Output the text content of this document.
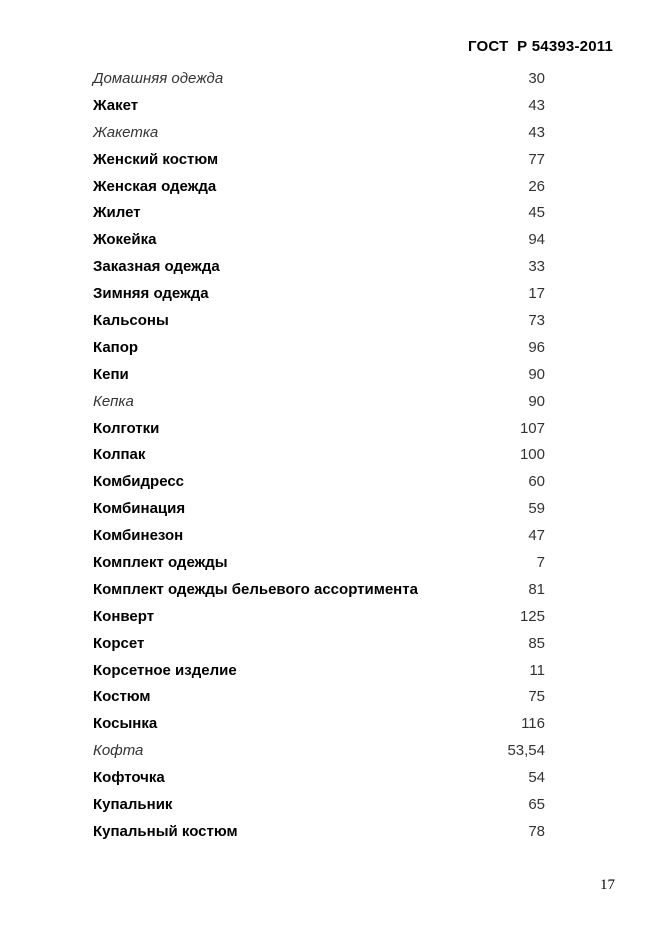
ГОСТ  Р 54393-2011
Домашняя одежда	30
Жакет	43
Жакетка	43
Женский костюм	77
Женская одежда	26
Жилет	45
Жокейка	94
Заказная одежда	33
Зимняя одежда	17
Кальсоны	73
Капор	96
Кепи	90
Кепка	90
Колготки	107
Колпак	100
Комбидресс	60
Комбинация	59
Комбинезон	47
Комплект одежды	7
Комплект одежды бельевого ассортимента	81
Конверт	125
Корсет	85
Корсетное изделие	11
Костюм	75
Косынка	116
Кофта	53,54
Кофточка	54
Купальник	65
Купальный костюм	78
17
